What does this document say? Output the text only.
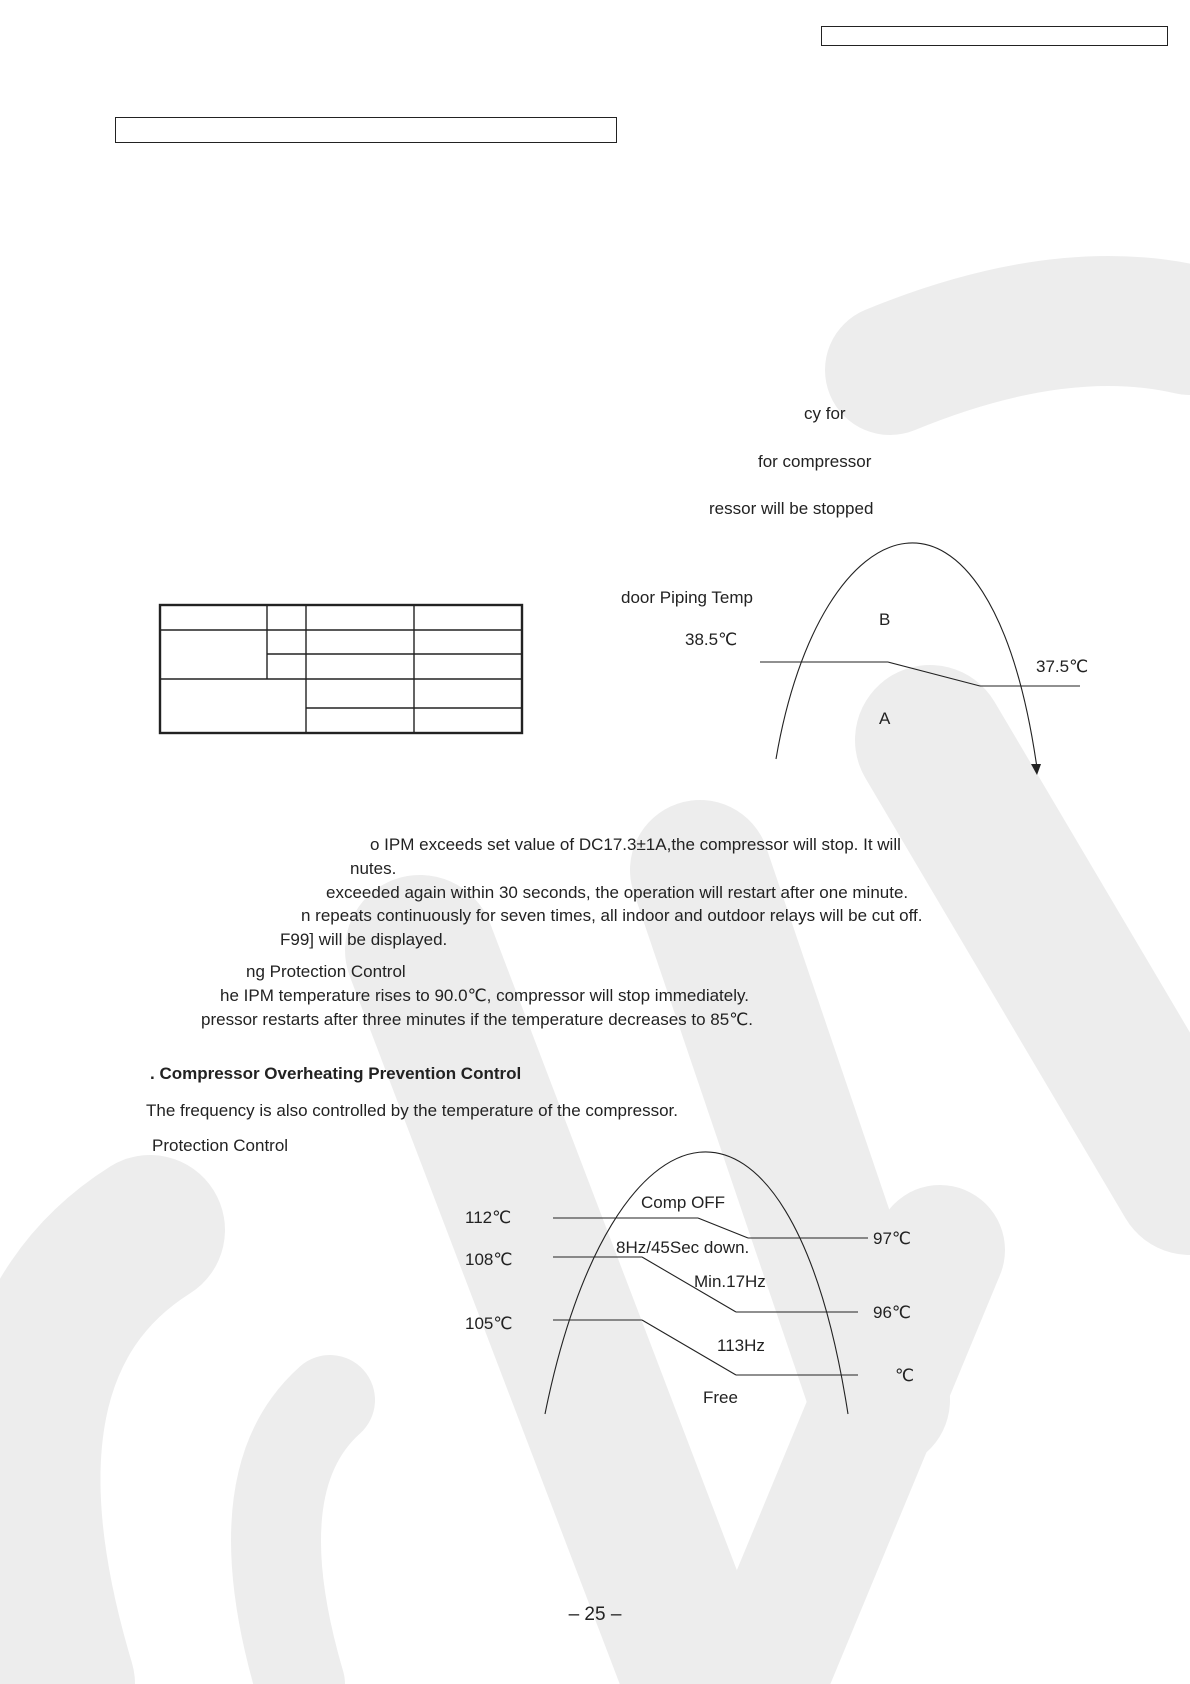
cy for
for compressor
ressor will be stopped
door Piping Temp
B
38.5℃
37.5℃
A
o IPM exceeds set value of DC17.3±1A,the compressor will stop. It will
nutes.
exceeded again within 30 seconds, the operation will restart after one minute.
n repeats continuously for seven times, all indoor and outdoor relays will be cut off.
F99] will be displayed.
ng Protection Control
he IPM temperature rises to 90.0℃, compressor will stop immediately.
pressor restarts after three minutes if the temperature decreases to 85℃.
. Compressor Overheating Prevention Control
The frequency is also controlled by the temperature of the compressor.
Protection Control
112℃
Comp OFF
97℃
8Hz/45Sec down.
108℃
Min.17Hz
96℃
105℃
113Hz
℃
Free
– 25 –
